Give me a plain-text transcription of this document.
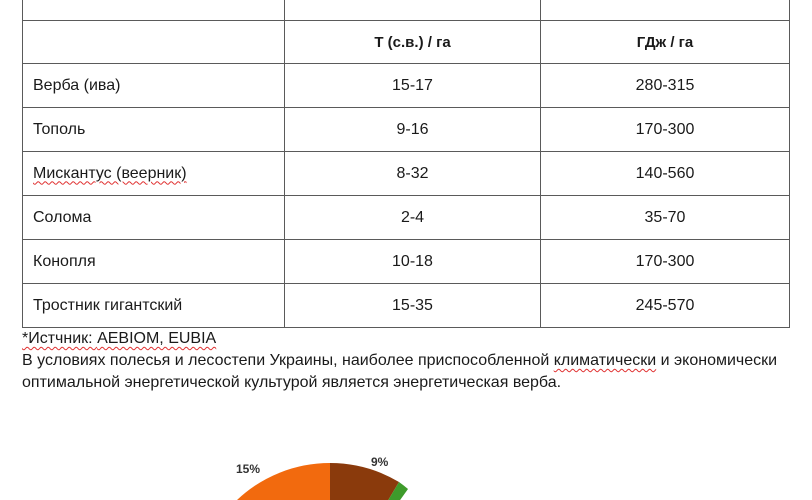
	Т (с.в.) / га	ГДж / га
Верба (ива)	15-17	280-315
Тополь	9-16	170-300
Мискантус (веерник)	8-32	140-560
Солома	2-4	35-70
Конопля	10-18	170-300
Тростник гигантский	15-35	245-570

*Истчник: AEBIOM, EUBIA

В условиях полесья и лесостепи Украины, наиболее приспособленной климатически и экономически оптимальной энергетической культурой является энергетическая верба.

15%	9%
